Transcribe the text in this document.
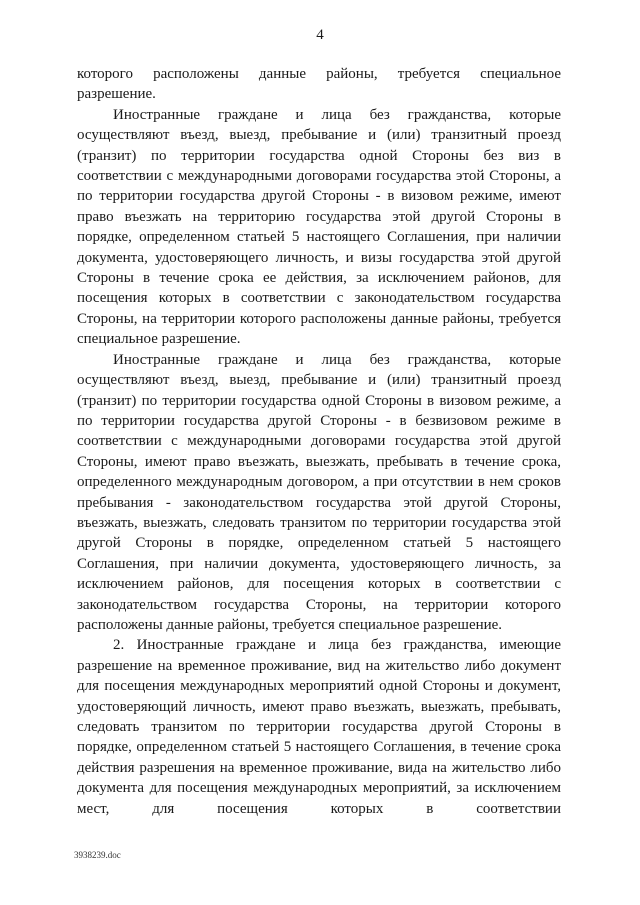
4

которого расположены данные районы, требуется специальное разрешение.

Иностранные граждане и лица без гражданства, которые осуществляют въезд, выезд, пребывание и (или) транзитный проезд (транзит) по территории государства одной Стороны без виз в соответствии с международными договорами государства этой Стороны, а по территории государства другой Стороны - в визовом режиме, имеют право въезжать на территорию государства этой другой Стороны в порядке, определенном статьей 5 настоящего Соглашения, при наличии документа, удостоверяющего личность, и визы государства этой другой Стороны в течение срока ее действия, за исключением районов, для посещения которых в соответствии с законодательством государства Стороны, на территории которого расположены данные районы, требуется специальное разрешение.

Иностранные граждане и лица без гражданства, которые осуществляют въезд, выезд, пребывание и (или) транзитный проезд (транзит) по территории государства одной Стороны в визовом режиме, а по территории государства другой Стороны - в безвизовом режиме в соответствии с международными договорами государства этой другой Стороны, имеют право въезжать, выезжать, пребывать в течение срока, определенного международным договором, а при отсутствии в нем сроков пребывания - законодательством государства этой другой Стороны, въезжать, выезжать, следовать транзитом по территории государства этой другой Стороны в порядке, определенном статьей 5 настоящего Соглашения, при наличии документа, удостоверяющего личность, за исключением районов, для посещения которых в соответствии с законодательством государства Стороны, на территории которого расположены данные районы, требуется специальное разрешение.

2. Иностранные граждане и лица без гражданства, имеющие разрешение на временное проживание, вид на жительство либо документ для посещения международных мероприятий одной Стороны и документ, удостоверяющий личность, имеют право въезжать, выезжать, пребывать, следовать транзитом по территории государства другой Стороны в порядке, определенном статьей 5 настоящего Соглашения, в течение срока действия разрешения на временное проживание, вида на жительство либо документа для посещения международных мероприятий, за исключением мест, для посещения которых в соответствии

3938239.doc
